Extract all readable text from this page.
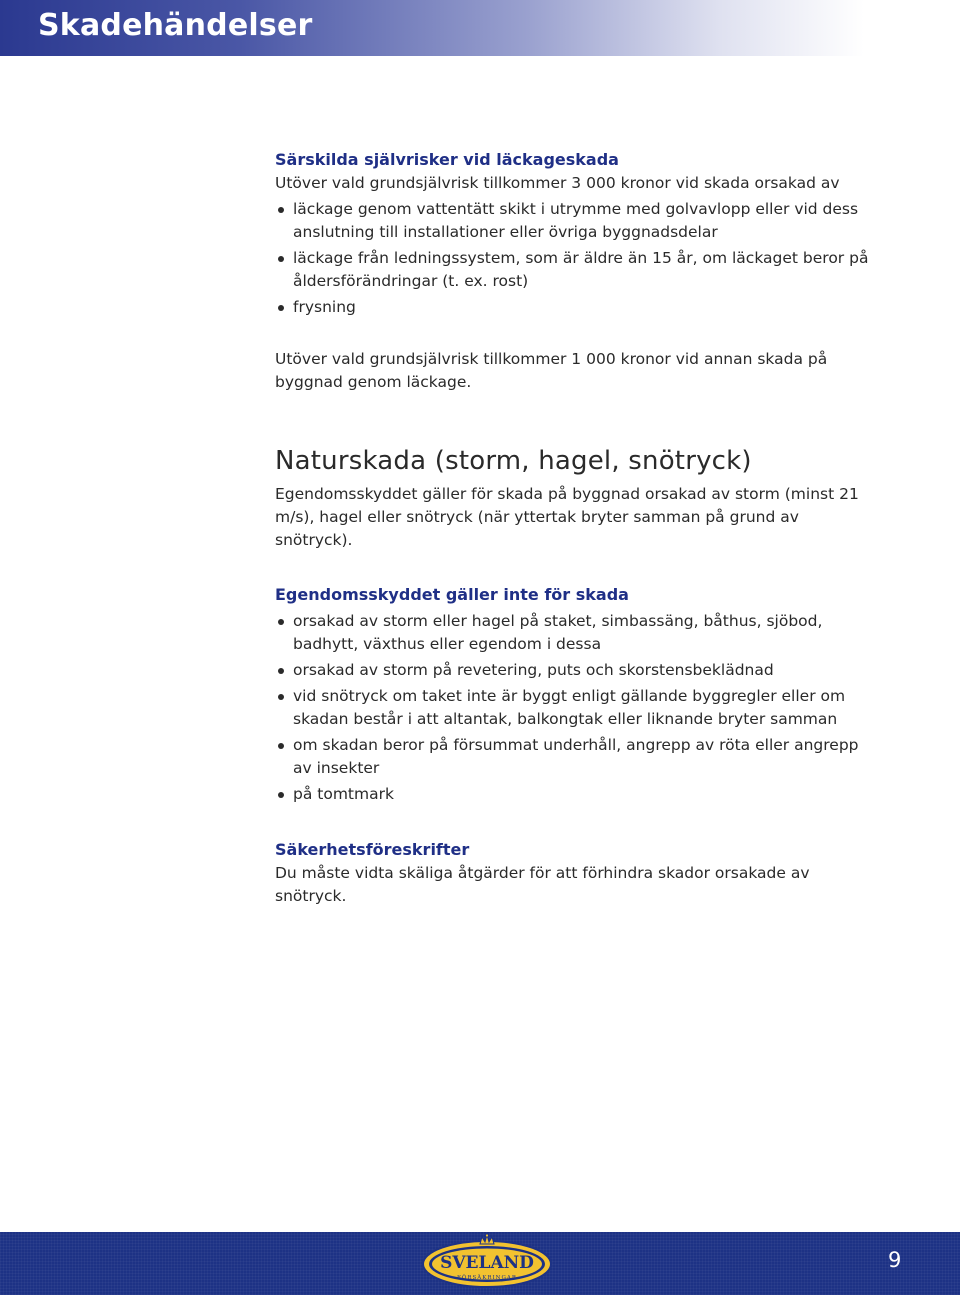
Skadehändelser
Särskilda självrisker vid läckageskada

Utöver vald grundsjälvrisk tillkommer 3 000 kronor vid skada orsakad av

läckage genom vattentätt skikt i utrymme med golvavlopp eller vid dess anslutning till installationer eller övriga byggnadsdelar
läckage från ledningssystem, som är äldre än 15 år, om läckaget beror på åldersförändringar (t. ex. rost)
frysning

Utöver vald grundsjälvrisk tillkommer 1 000 kronor vid annan skada på byggnad genom läckage.

Naturskada (storm, hagel, snötryck)

Egendomsskyddet gäller för skada på byggnad orsakad av storm (minst 21 m/s), hagel eller snötryck (när yttertak bryter samman på grund av snötryck).

Egendomsskyddet gäller inte för skada
orsakad av storm eller hagel på staket, simbassäng, båthus, sjöbod, badhytt, växthus eller egendom i dessa
orsakad av storm på revetering, puts och skorstensbeklädnad
vid snötryck om taket inte är byggt enligt gällande byggregler eller om skadan består i att altantak, balkongtak eller liknande bryter samman
om skadan beror på försummat underhåll, angrepp av röta eller angrepp av insekter
på tomtmark
Säkerhetsföreskrifter

Du måste vidta skäliga åtgärder för att förhindra skador orsakade av snötryck.

SVELAND
FÖRSÄKRINGAR
9
